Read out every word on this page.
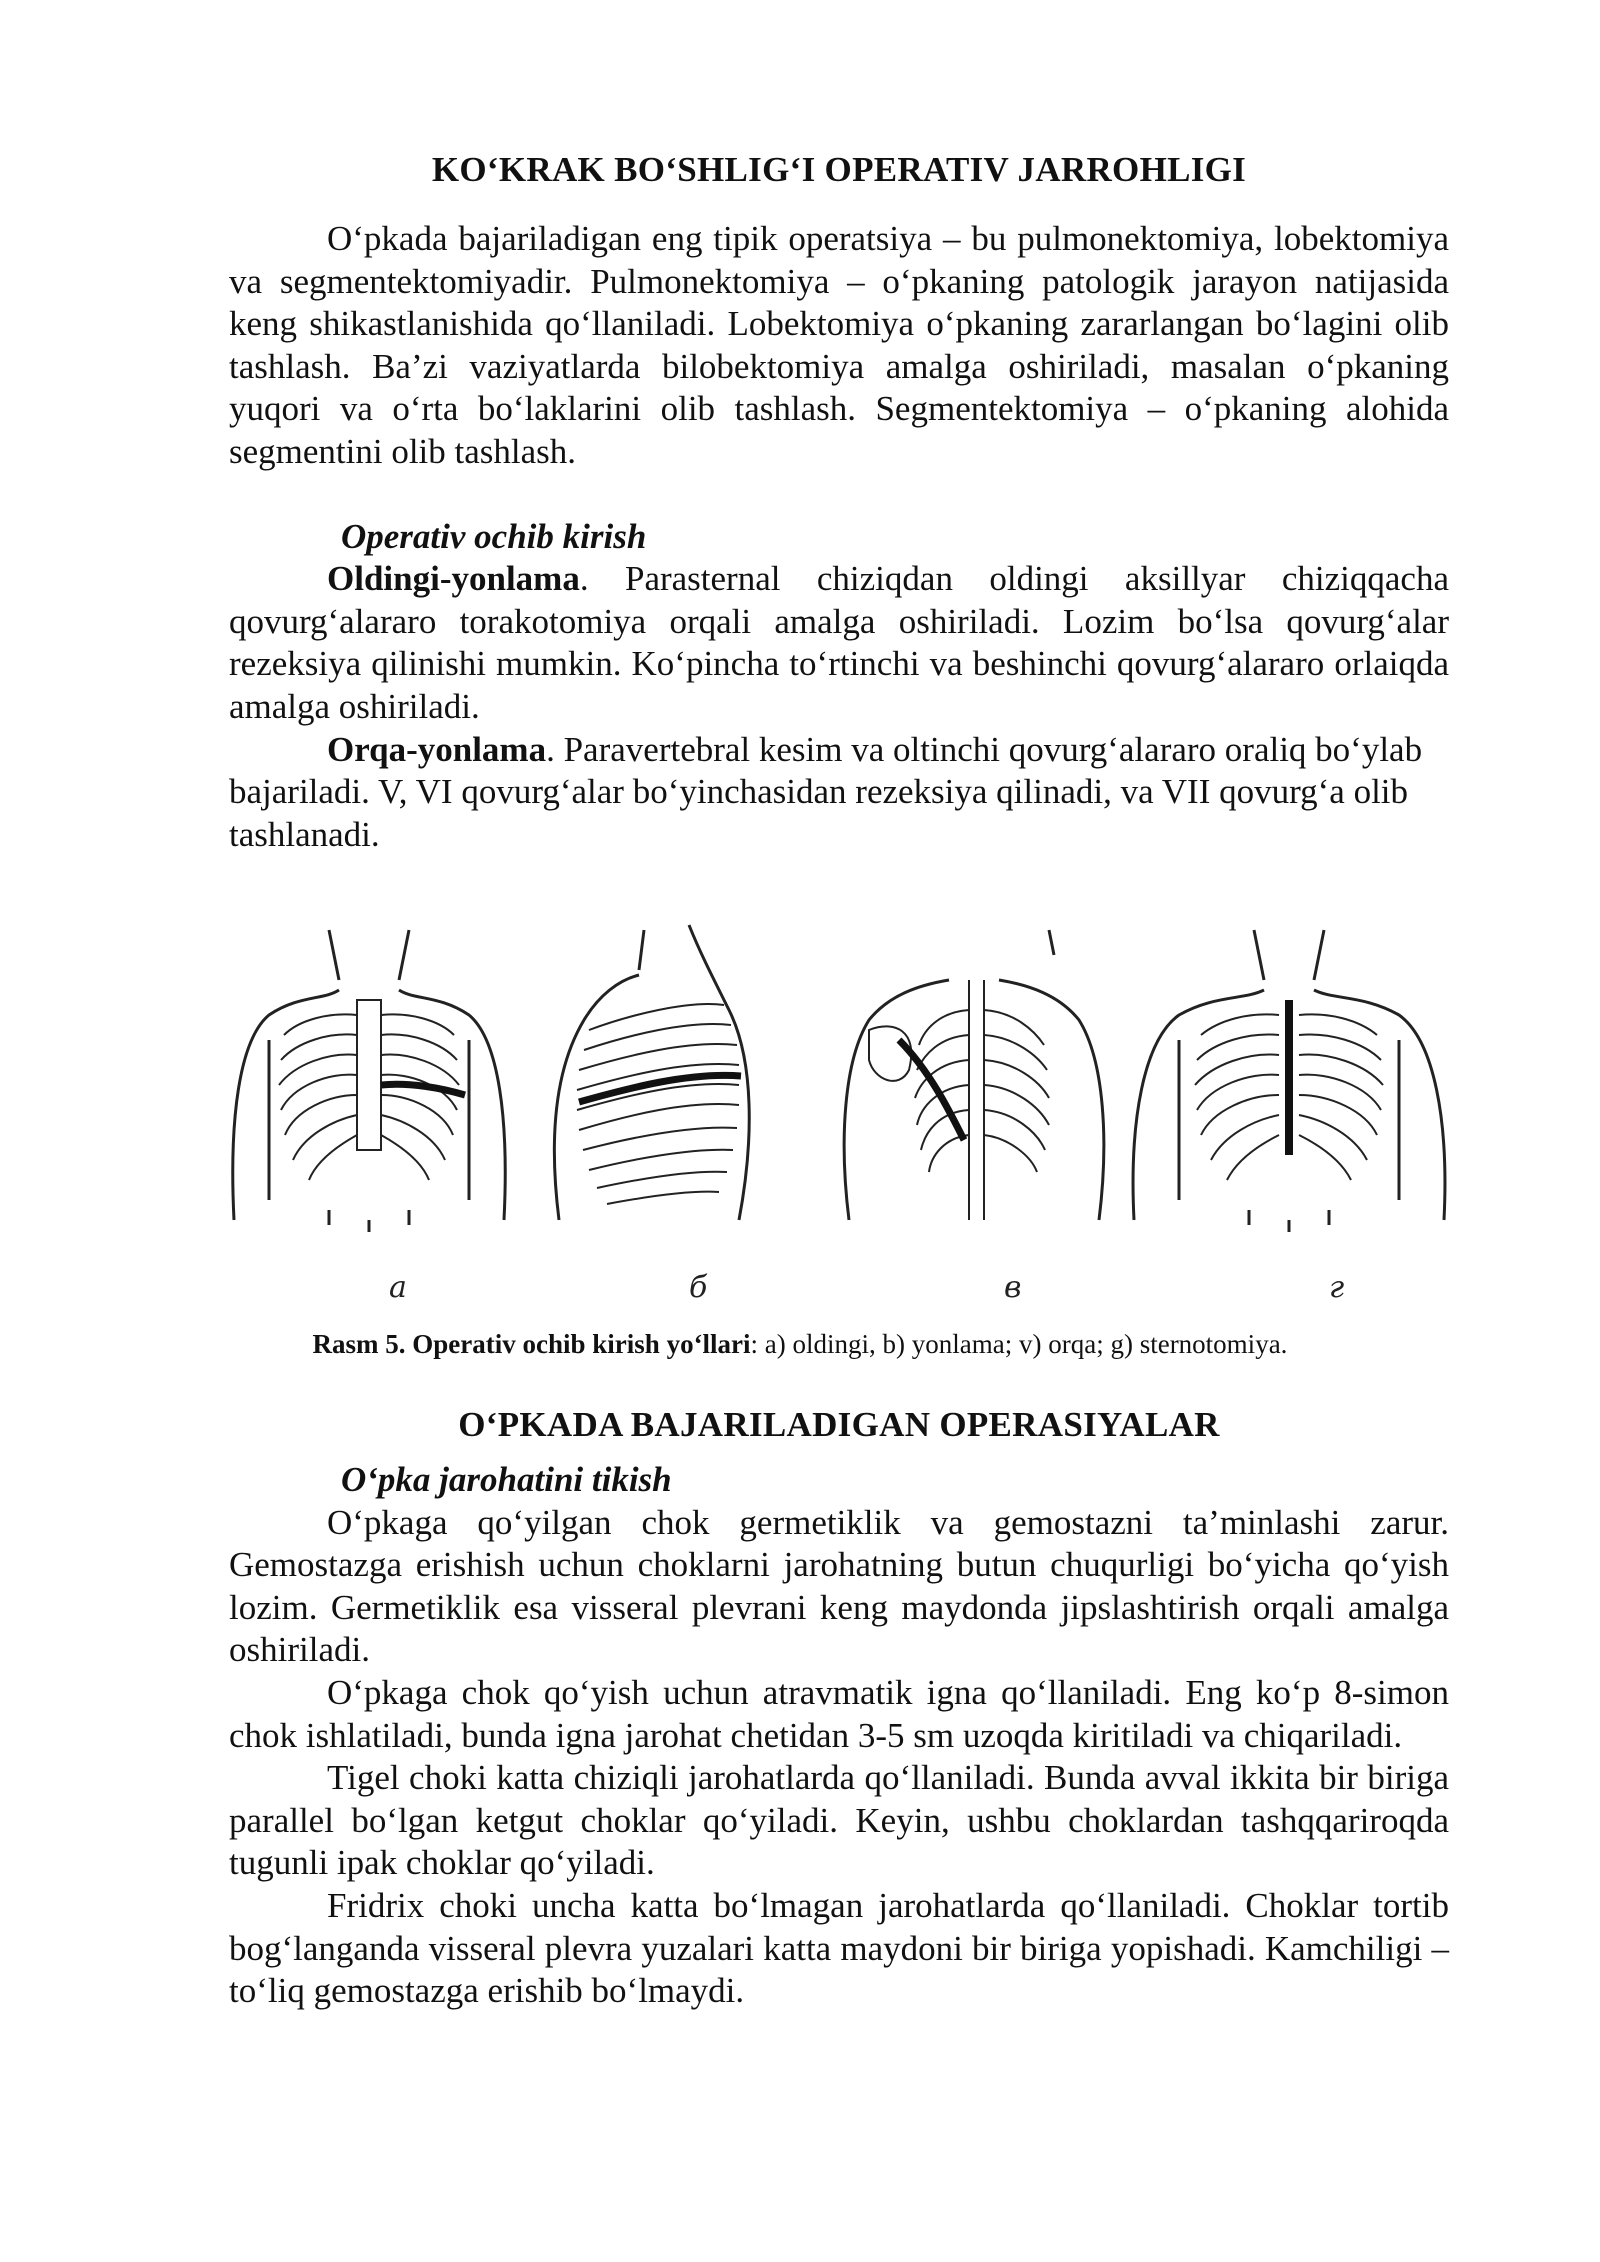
KO‘KRAK BO‘SHLIG‘I OPERATIV JARROHLIGI

O‘pkada bajariladigan eng tipik operatsiya – bu pulmonektomiya, lobektomiya va segmentektomiyadir. Pulmonektomiya – o‘pkaning patologik jarayon natijasida keng shikastlanishida qo‘llaniladi. Lobektomiya o‘pkaning zararlangan bo‘lagini olib tashlash. Ba’zi vaziyatlarda bilobektomiya amalga oshiriladi, masalan o‘pkaning yuqori va o‘rta bo‘laklarini olib tashlash. Segmentektomiya – o‘pkaning alohida segmentini olib tashlash.

Operativ ochib kirish

Oldingi-yonlama. Parasternal chiziqdan oldingi aksillyar chiziqqacha qovurg‘alararo torakotomiya orqali amalga oshiriladi. Lozim bo‘lsa qovurg‘alar rezeksiya qilinishi mumkin. Ko‘pincha to‘rtinchi va beshinchi qovurg‘alararo orlaiqda amalga oshiriladi.

Orqa-yonlama. Paravertebral kesim va oltinchi qovurg‘alararo oraliq bo‘ylab bajariladi. V, VI qovurg‘alar bo‘yinchasidan rezeksiya qilinadi, va VII qovurg‘a olib tashlanadi.

a	б	в	г
Rasm 5. Operativ ochib kirish yo‘llari: a) oldingi, b) yonlama; v) orqa; g) sternotomiya.
O‘PKADA BAJARILADIGAN OPERASIYALAR
O‘pka jarohatini tikish

O‘pkaga qo‘yilgan chok germetiklik va gemostazni ta’minlashi zarur. Gemostazga erishish uchun choklarni jarohatning butun chuqurligi bo‘yicha qo‘yish lozim. Germetiklik esa visseral plevrani keng maydonda jipslashtirish orqali amalga oshiriladi.

O‘pkaga chok qo‘yish uchun atravmatik igna qo‘llaniladi. Eng ko‘p 8-simon chok ishlatiladi, bunda igna jarohat chetidan 3-5 sm uzoqda kiritiladi va chiqariladi.

Tigel choki katta chiziqli jarohatlarda qo‘llaniladi. Bunda avval ikkita bir biriga parallel bo‘lgan ketgut choklar qo‘yiladi. Keyin, ushbu choklardan tashqqariroqda tugunli ipak choklar qo‘yiladi.

Fridrix choki uncha katta bo‘lmagan jarohatlarda qo‘llaniladi. Choklar tortib bog‘langanda visseral plevra yuzalari katta maydoni bir biriga yopishadi. Kamchiligi – to‘liq gemostazga erishib bo‘lmaydi.
